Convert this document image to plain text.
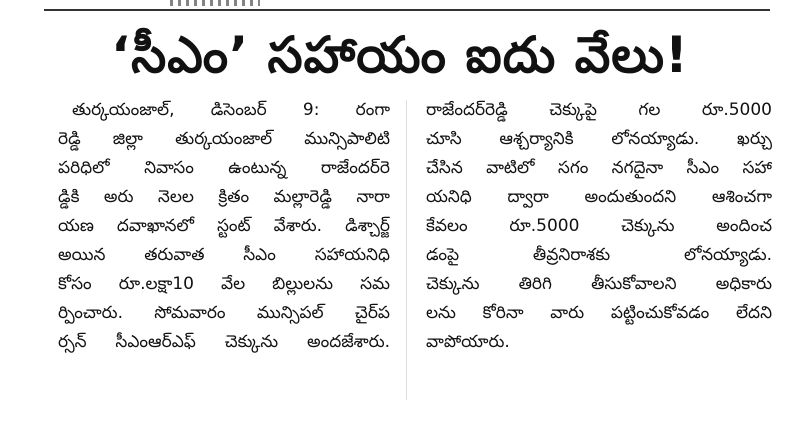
‘సీఎం’ సహాయం ఐదు వేలు!
తుర్కయంజాల్, డిసెంబర్ 9: రంగా
రెడ్డి జిల్లా తుర్కయంజాల్ మున్సిపాలిటి
పరిధిలో నివాసం ఉంటున్న రాజేందర్‌రె
డ్డికి అరు నెలల క్రితం మల్లారెడ్డి నారా
యణ దవాఖానలో స్టంట్ వేశారు. డిశ్చార్జ్
అయిన తరువాత సీఎం సహాయనిధి
కోసం రూ.లక్షా10 వేల బిల్లులను సమ
ర్పించారు. సోమవారం మున్సిపల్ చైర్‌ప
ర్సన్ సీఎంఆర్‌ఎఫ్ చెక్కును అందజేశారు.
రాజేందర్‌రెడ్డి చెక్కుపై గల రూ.5000
చూసి ఆశ్చర్యానికి లోనయ్యాడు. ఖర్చు
చేసిన వాటిలో సగం నగదైనా సీఎం సహా
యనిధి ద్వారా అందుతుందని ఆశించగా
కేవలం రూ.5000 చెక్కును అందించ
డంపై తీవ్రనిరాశకు లోనయ్యాడు.
చెక్కును తిరిగి తీసుకోవాలని అధికారు
లను కోరినా వారు పట్టించుకోవడం లేదని
వాపోయారు.
